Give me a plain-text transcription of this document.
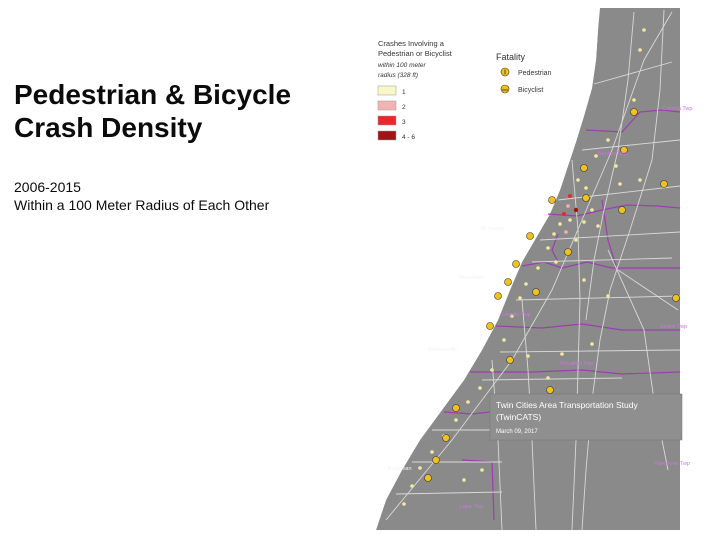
Pedestrian & Bicycle
Crash Density
2006-2015
Within a 100 Meter Radius of Each Other
St Joseph
Shoreham
Stevensville
Bridgman
Benton Twp
Lincoln Twp
Royalton Twp
Lake Twp
Sodus Twp
Pipestone Twp
Coloma Twp
Crashes Involving a
Pedestrian or Bicyclist
within 100 meter
radius (328 ft)
1
2
3
4 - 6
Fatality
Pedestrian
Bicyclist
Twin Cities Area Transportation Study
(TwinCATS)
March 09, 2017
